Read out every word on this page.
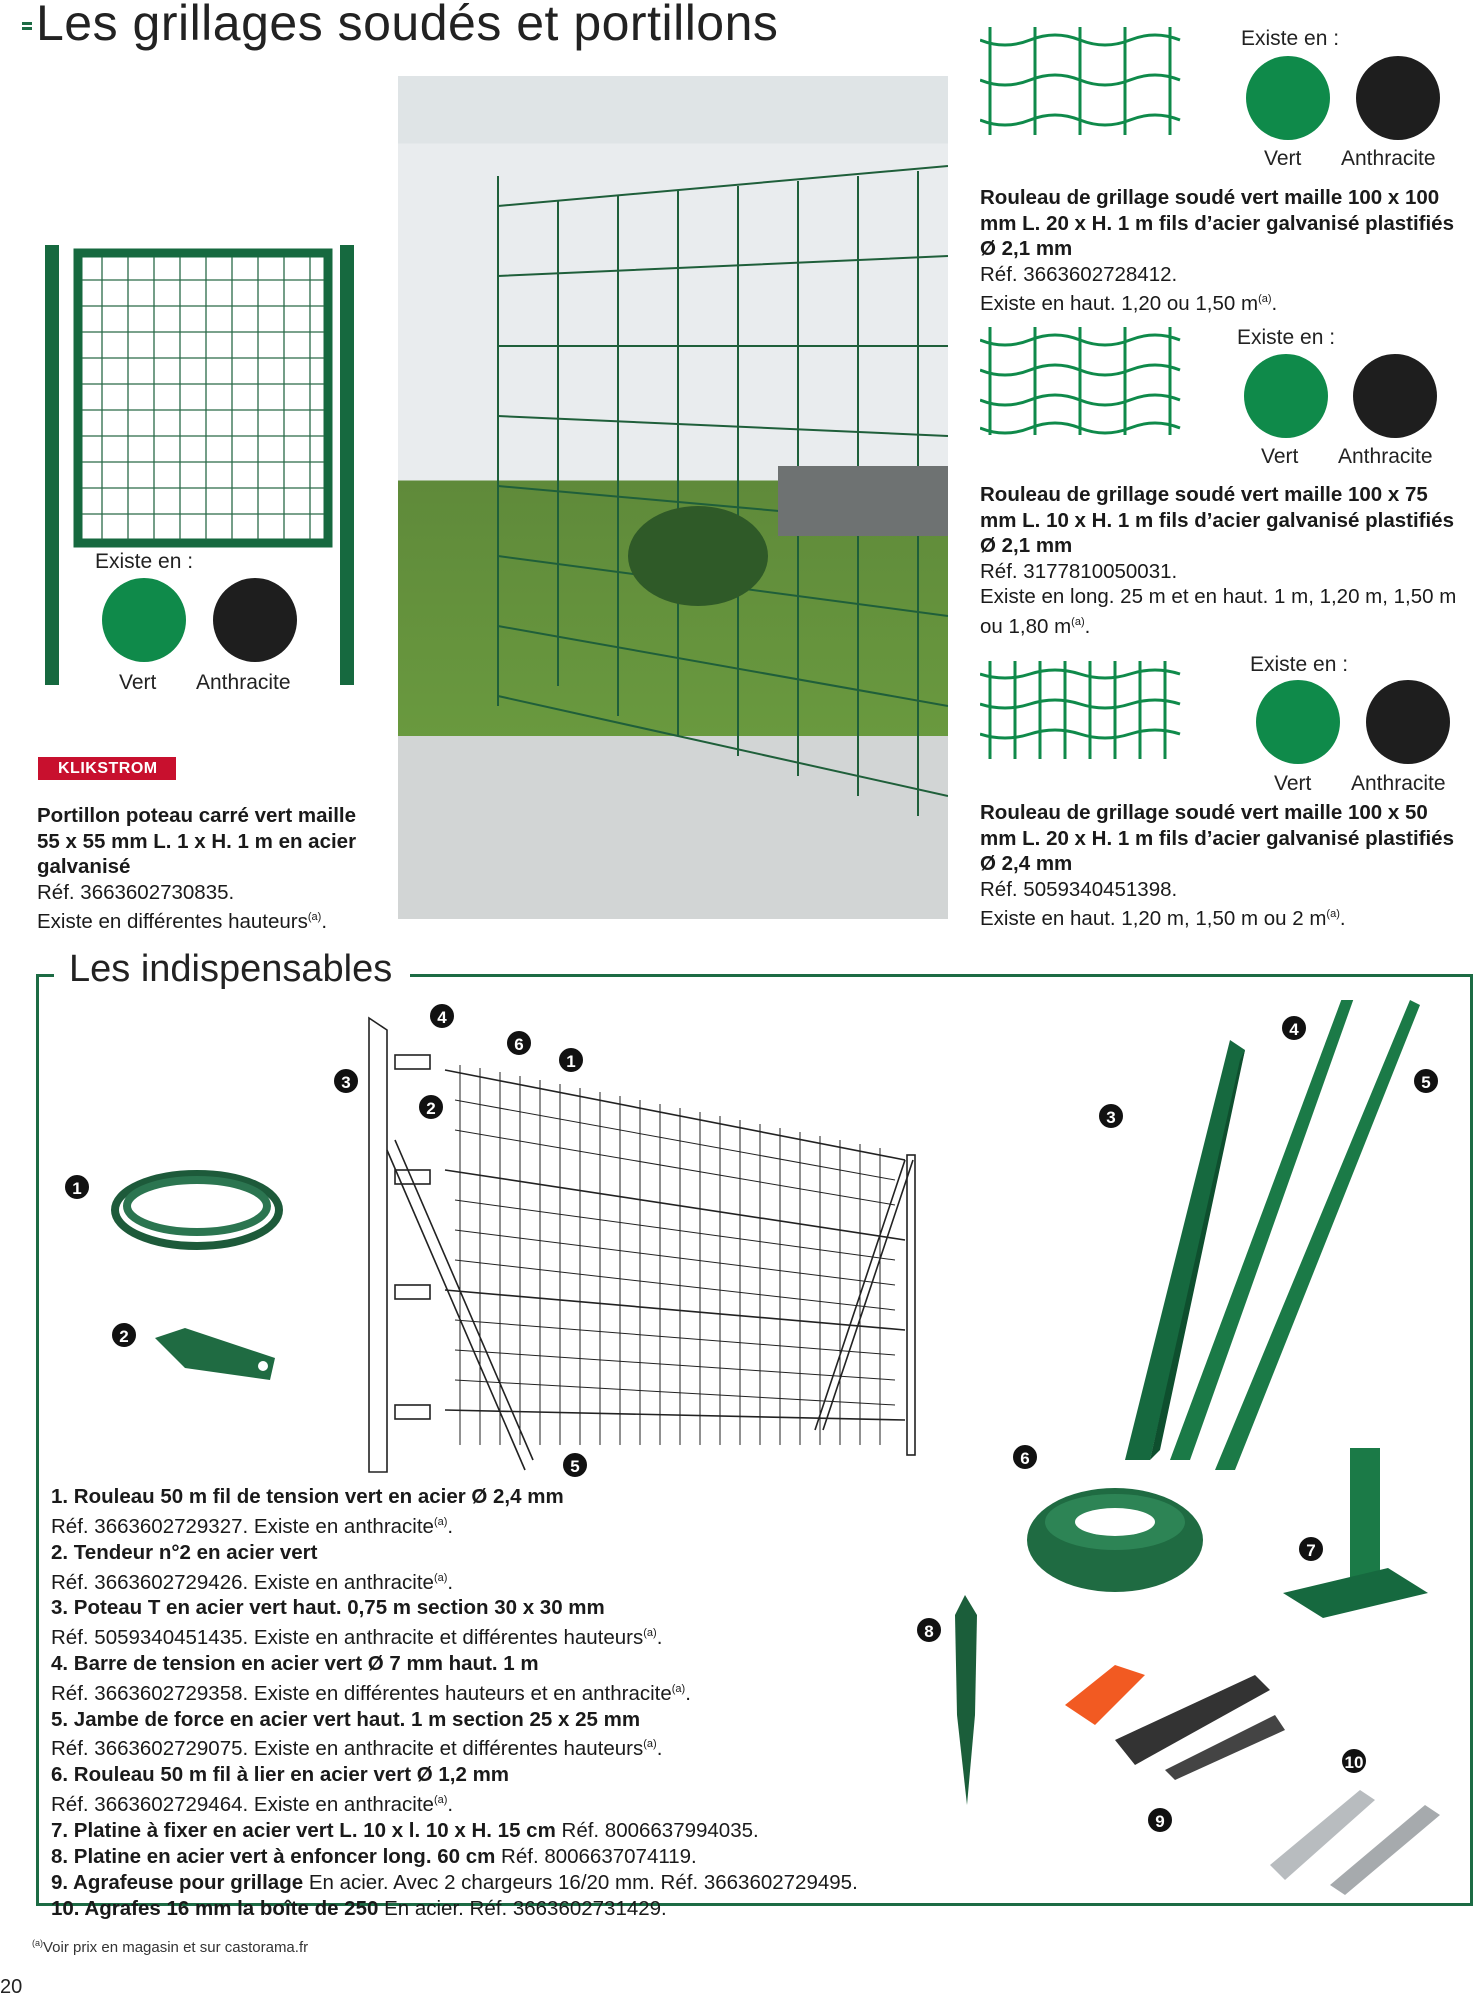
Les grillages soudés et portillons
Existe en :
Vert Anthracite
KLIKSTROM
Portillon poteau carré vert maille 55 x 55 mm L. 1 x H. 1 m en acier galvanisé
Réf. 3663602730835.
Existe en différentes hauteurs$^{(a)}$.
Existe en :
Vert Anthracite
Rouleau de grillage soudé vert maille 100 x 100 mm L. 20 x H. 1 m fils d’acier galvanisé plastifiés Ø 2,1 mm
Réf. 3663602728412.
Existe en haut. 1,20 ou 1,50 $m^{(a)}$.
Existe en :
Vert Anthracite
Rouleau de grillage soudé vert maille 100 x 75 mm L. 10 x H. 1 m fils d’acier galvanisé plastifiés Ø 2,1 mm
Réf. 3177810050031.
Existe en long. 25 m et en haut. 1 m, 1,20 m, 1,50 m ou 1,80 $m^{(a)}$.
Existe en :
Vert Anthracite
Rouleau de grillage soudé vert maille 100 x 50 mm L. 20 x H. 1 m fils d’acier galvanisé plastifiés Ø 2,4 mm
Réf. 5059340451398.
Existe en haut. 1,20 m, 1,50 m ou 2 $m^{(a)}$.
Les indispensables
4
6
1
3
2
5
1
2
4
5
3
6
7
8
9
10
1. Rouleau 50 m fil de tension vert en acier Ø 2,4 mm
Réf. 3663602729327. Existe en anthracite$^{(a)}$.
2. Tendeur n°2 en acier vert
Réf. 3663602729426. Existe en anthracite$^{(a)}$.
3. Poteau T en acier vert haut. 0,75 m section 30 x 30 mm
Réf. 5059340451435. Existe en anthracite et différentes hauteurs$^{(a)}$.
4. Barre de tension en acier vert Ø 7 mm haut. 1 m
Réf. 3663602729358. Existe en différentes hauteurs et en anthracite$^{(a)}$.
5. Jambe de force en acier vert haut. 1 m section 25 x 25 mm
Réf. 3663602729075. Existe en anthracite et différentes hauteurs$^{(a)}$.
6. Rouleau 50 m fil à lier en acier vert Ø 1,2 mm
Réf. 3663602729464. Existe en anthracite$^{(a)}$.
7. Platine à fixer en acier vert L. 10 x l. 10 x H. 15 cm Réf. 8006637994035.
8. Platine en acier vert à enfoncer long. 60 cm Réf. 8006637074119.
9. Agrafeuse pour grillage En acier. Avec 2 chargeurs 16/20 mm. Réf. 3663602729495.
10. Agrafes 16 mm la boîte de 250 En acier. Réf. 3663602731429.
$^{(a)}$Voir prix en magasin et sur castorama.fr
20
